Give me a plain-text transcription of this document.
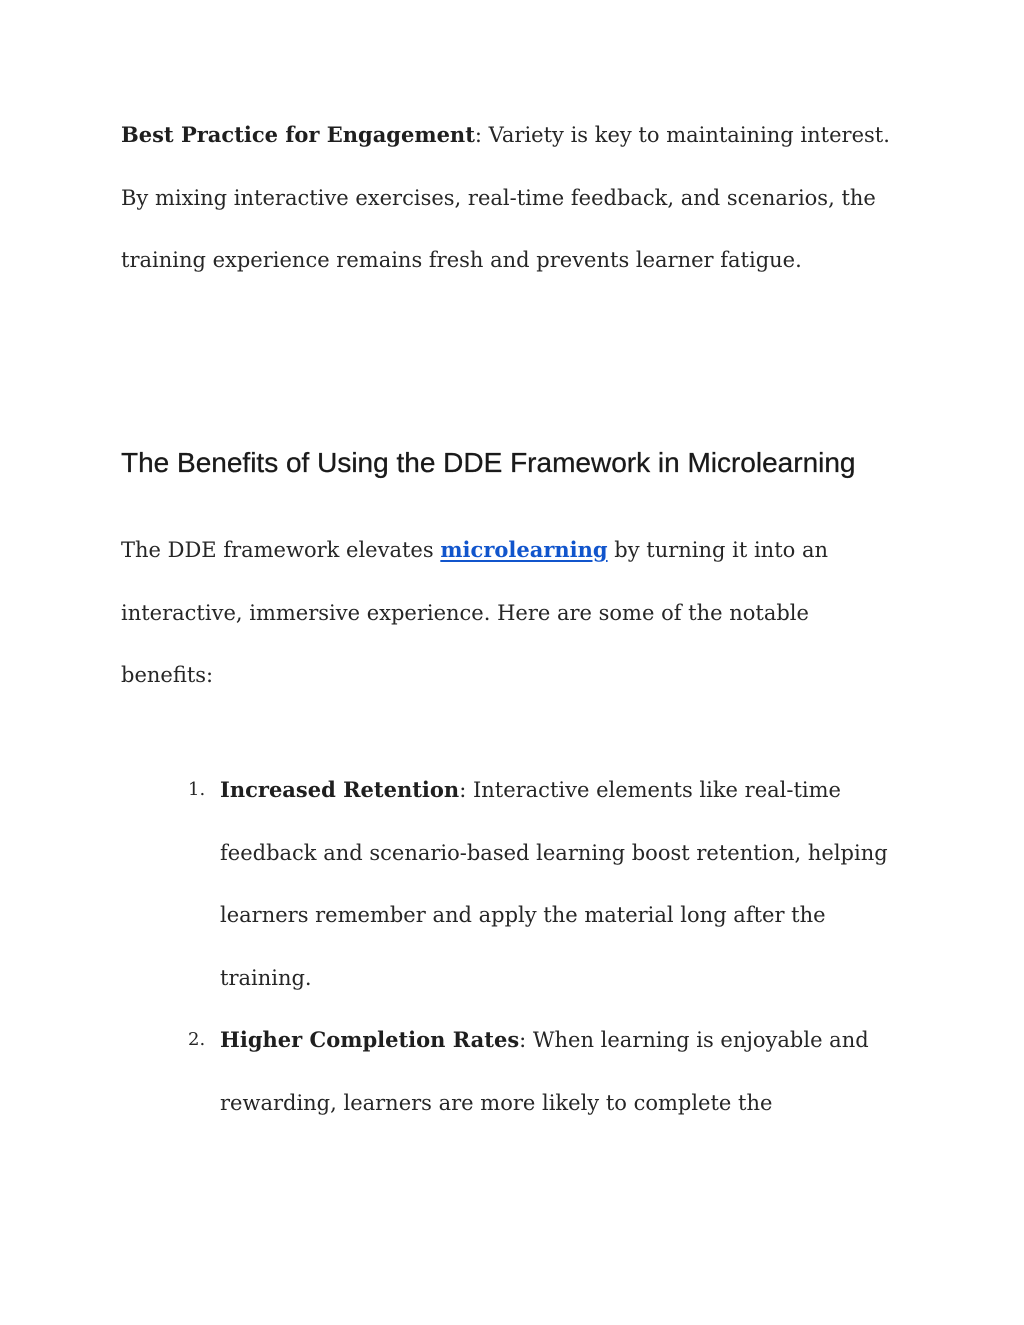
Best Practice for Engagement: Variety is key to maintaining interest. By mixing interactive exercises, real-time feedback, and scenarios, the training experience remains fresh and prevents learner fatigue.

The Benefits of Using the DDE Framework in Microlearning

The DDE framework elevates microlearning by turning it into an interactive, immersive experience. Here are some of the notable benefits:

1. Increased Retention: Interactive elements like real-time feedback and scenario-based learning boost retention, helping learners remember and apply the material long after the training.
2. Higher Completion Rates: When learning is enjoyable and rewarding, learners are more likely to complete the
